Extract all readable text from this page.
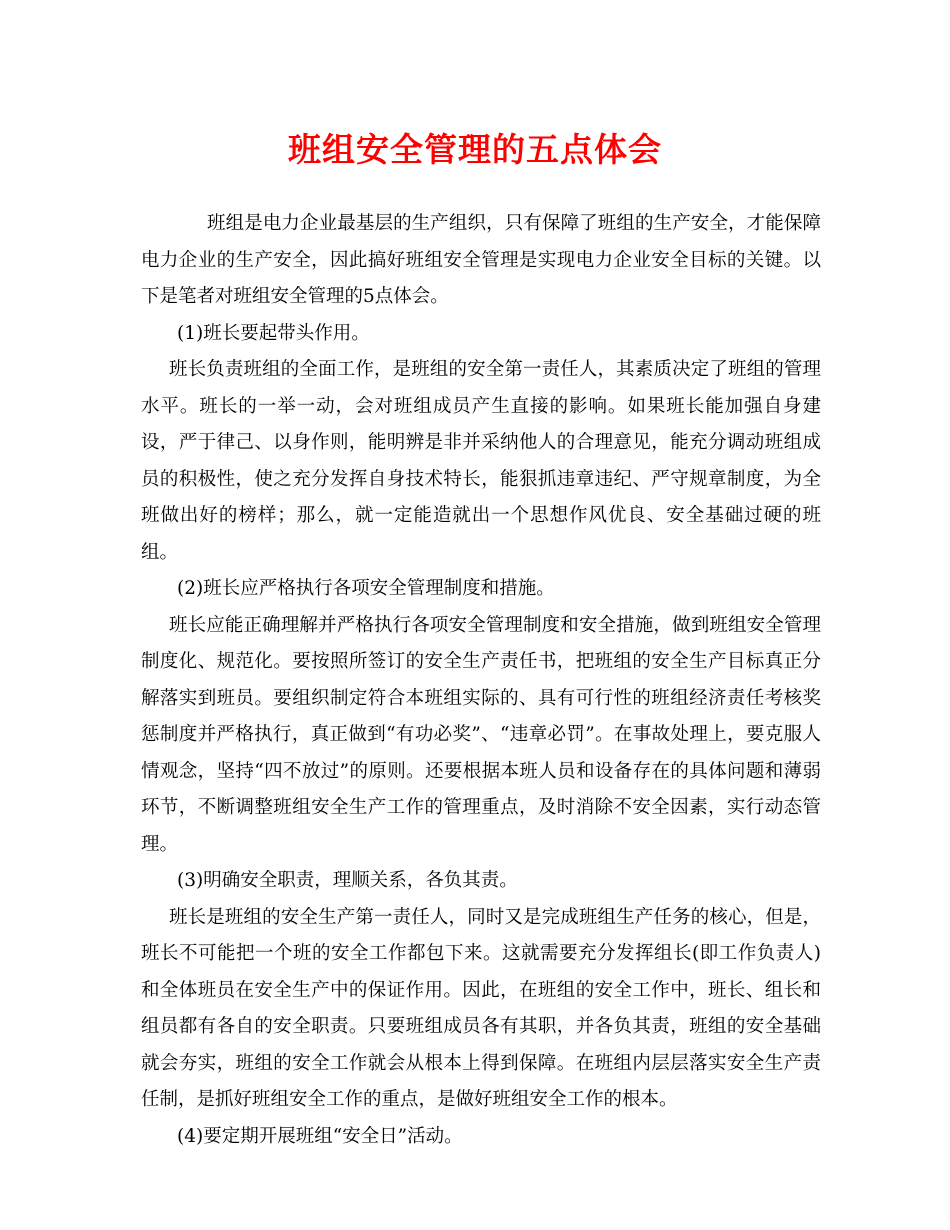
班组安全管理的五点体会

班组是电力企业最基层的生产组织，只有保障了班组的生产安全，才能保障电力企业的生产安全，因此搞好班组安全管理是实现电力企业安全目标的关键。以下是笔者对班组安全管理的5点体会。

(1)班长要起带头作用。

班长负责班组的全面工作，是班组的安全第一责任人，其素质决定了班组的管理水平。班长的一举一动，会对班组成员产生直接的影响。如果班长能加强自身建设，严于律己、以身作则，能明辨是非并采纳他人的合理意见，能充分调动班组成员的积极性，使之充分发挥自身技术特长，能狠抓违章违纪、严守规章制度，为全班做出好的榜样；那么，就一定能造就出一个思想作风优良、安全基础过硬的班组。

(2)班长应严格执行各项安全管理制度和措施。

班长应能正确理解并严格执行各项安全管理制度和安全措施，做到班组安全管理制度化、规范化。要按照所签订的安全生产责任书，把班组的安全生产目标真正分解落实到班员。要组织制定符合本班组实际的、具有可行性的班组经济责任考核奖惩制度并严格执行，真正做到“有功必奖”、“违章必罚”。在事故处理上，要克服人情观念，坚持“四不放过”的原则。还要根据本班人员和设备存在的具体问题和薄弱环节，不断调整班组安全生产工作的管理重点，及时消除不安全因素，实行动态管理。

(3)明确安全职责，理顺关系，各负其责。

班长是班组的安全生产第一责任人，同时又是完成班组生产任务的核心，但是，班长不可能把一个班的安全工作都包下来。这就需要充分发挥组长(即工作负责人)和全体班员在安全生产中的保证作用。因此，在班组的安全工作中，班长、组长和组员都有各自的安全职责。只要班组成员各有其职，并各负其责，班组的安全基础就会夯实，班组的安全工作就会从根本上得到保障。在班组内层层落实安全生产责任制，是抓好班组安全工作的重点，是做好班组安全工作的根本。

(4)要定期开展班组“安全日”活动。
